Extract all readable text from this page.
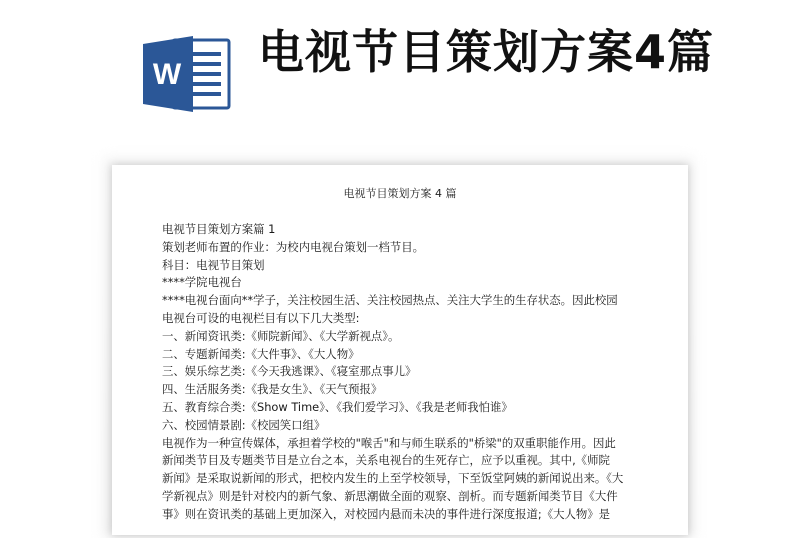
W 电视节目策划方案4篇
电视节目策划方案 4 篇
电视节目策划方案篇 1
策划老师布置的作业：为校内电视台策划一档节目。
科目：电视节目策划
****学院电视台
****电视台面向**学子，关注校园生活、关注校园热点、关注大学生的生存状态。因此校园
电视台可设的电视栏目有以下几大类型:
一、新闻资讯类:《师院新闻》、《大学新视点》。
二、专题新闻类:《大件事》、《大人物》
三、娱乐综艺类:《今天我逃课》、《寝室那点事儿》
四、生活服务类:《我是女生》、《天气预报》
五、教育综合类:《Show Time》、《我们爱学习》、《我是老师我怕谁》
六、校园情景剧:《校园笑口组》
电视作为一种宣传媒体，承担着学校的"喉舌"和与师生联系的"桥梁"的双重职能作用。因此
新闻类节目及专题类节目是立台之本，关系电视台的生死存亡，应予以重视。其中,《师院
新闻》是采取说新闻的形式，把校内发生的上至学校领导，下至饭堂阿姨的新闻说出来。《大
学新视点》则是针对校内的新气象、新思潮做全面的观察、剖析。而专题新闻类节目《大件
事》则在资讯类的基础上更加深入，对校园内悬而未决的事件进行深度报道;《大人物》是
